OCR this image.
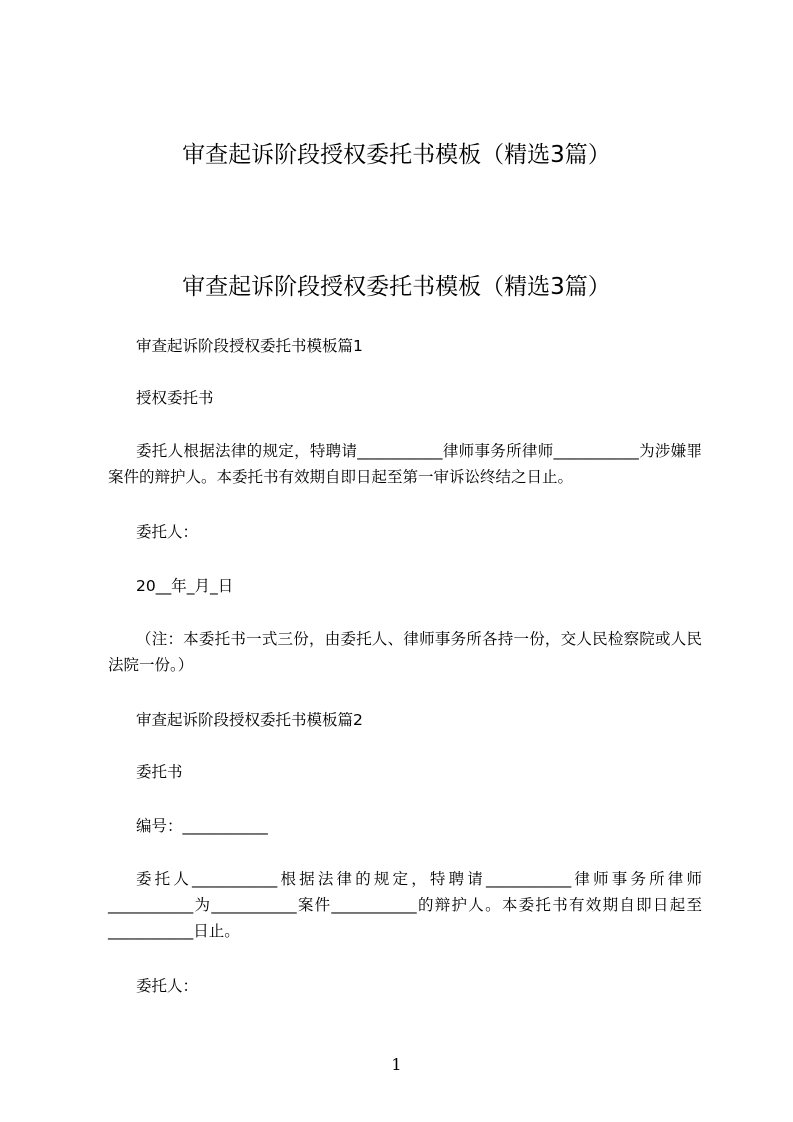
审查起诉阶段授权委托书模板（精选3篇）
审查起诉阶段授权委托书模板（精选3篇）
审查起诉阶段授权委托书模板篇1
授权委托书
委托人根据法律的规定，特聘请___________律师事务所律师___________为涉嫌罪案件的辩护人。本委托书有效期自即日起至第一审诉讼终结之日止。
委托人：
20__年_月_日
（注：本委托书一式三份，由委托人、律师事务所各持一份，交人民检察院或人民法院一份。）
审查起诉阶段授权委托书模板篇2
委托书
编号：___________
委托人___________根据法律的规定，特聘请___________律师事务所律师___________为___________案件___________的辩护人。本委托书有效期自即日起至___________日止。
委托人：
1
